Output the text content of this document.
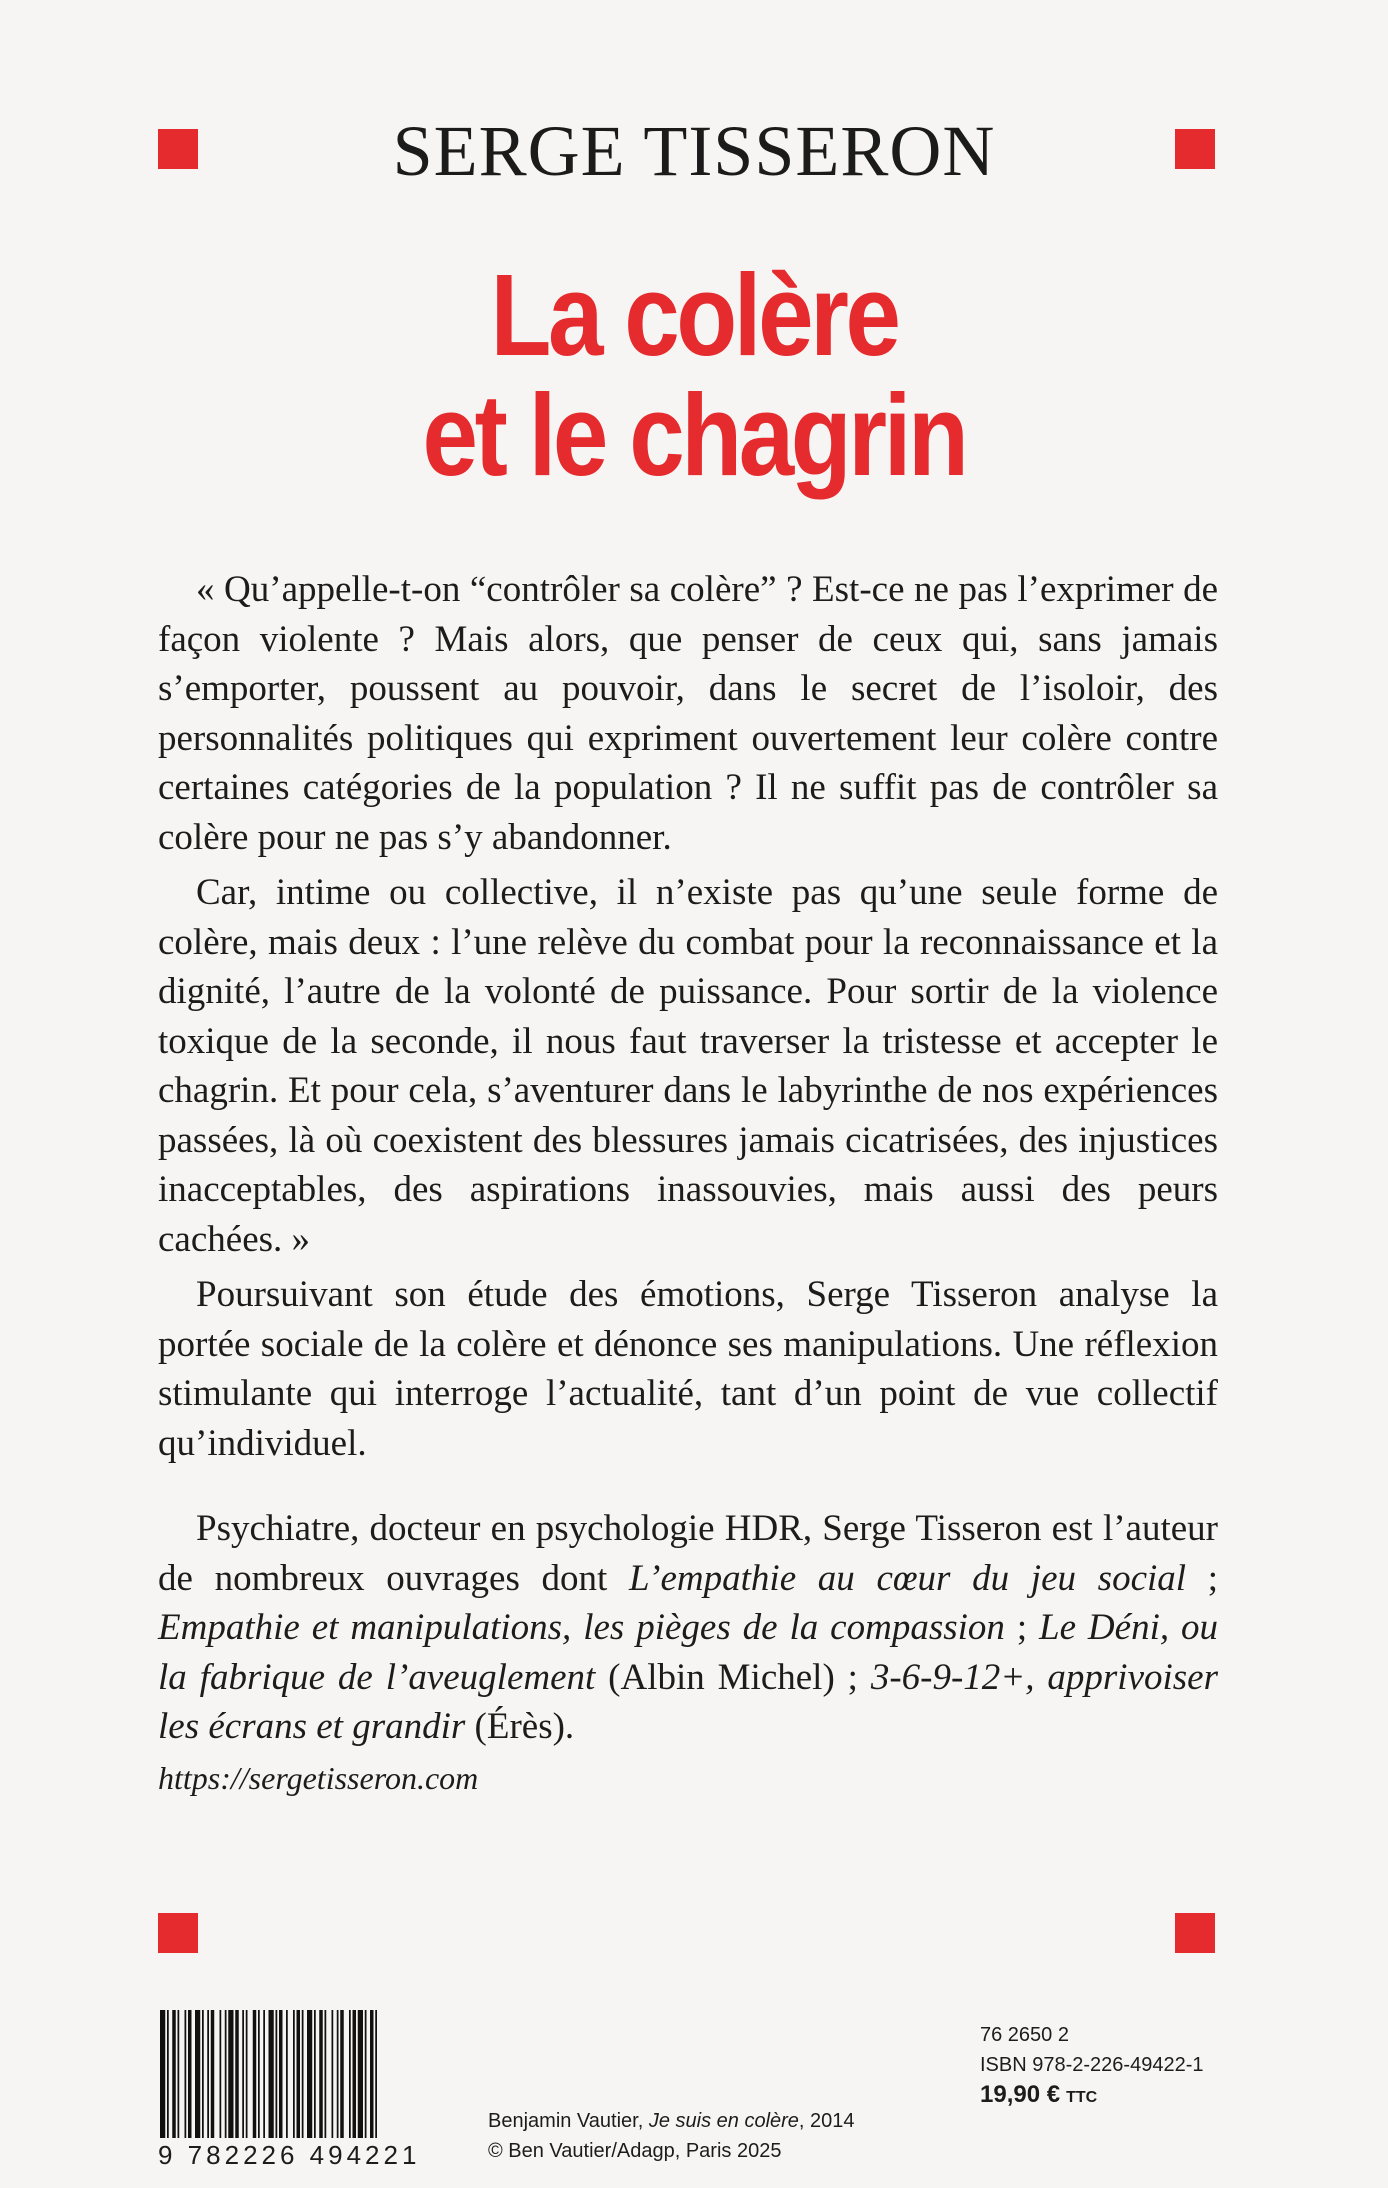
SERGE TISSERON
La colère
et le chagrin

« Qu’appelle-t-on “contrôler sa colère” ? Est-ce ne pas l’exprimer de façon violente ? Mais alors, que penser de ceux qui, sans jamais s’emporter, poussent au pouvoir, dans le secret de l’isoloir, des personnalités politiques qui expriment ouvertement leur colère contre certaines catégories de la population ? Il ne suffit pas de contrôler sa colère pour ne pas s’y abandonner.

Car, intime ou collective, il n’existe pas qu’une seule forme de colère, mais deux : l’une relève du combat pour la reconnaissance et la dignité, l’autre de la volonté de puissance. Pour sortir de la violence toxique de la seconde, il nous faut traverser la tristesse et accepter le chagrin. Et pour cela, s’aventurer dans le labyrinthe de nos expériences passées, là où coexistent des blessures jamais cicatrisées, des injustices inacceptables, des aspirations inassouvies, mais aussi des peurs cachées. »

Poursuivant son étude des émotions, Serge Tisseron analyse la portée sociale de la colère et dénonce ses manipulations. Une réflexion stimulante qui interroge l’actualité, tant d’un point de vue collectif qu’individuel.

Psychiatre, docteur en psychologie HDR, Serge Tisseron est l’auteur de nombreux ouvrages dont L’empathie au cœur du jeu social ; Empathie et manipulations, les pièges de la compassion ; Le Déni, ou la fabrique de l’aveuglement (Albin Michel) ; 3-6-9-12+, apprivoiser les écrans et grandir (Érès).

https://sergetisseron.com
9 782226 494221
Benjamin Vautier, Je suis en colère, 2014
© Ben Vautier/Adagp, Paris 2025
76 2650 2
ISBN 978-2-226-49422-1
19,90 € TTC
